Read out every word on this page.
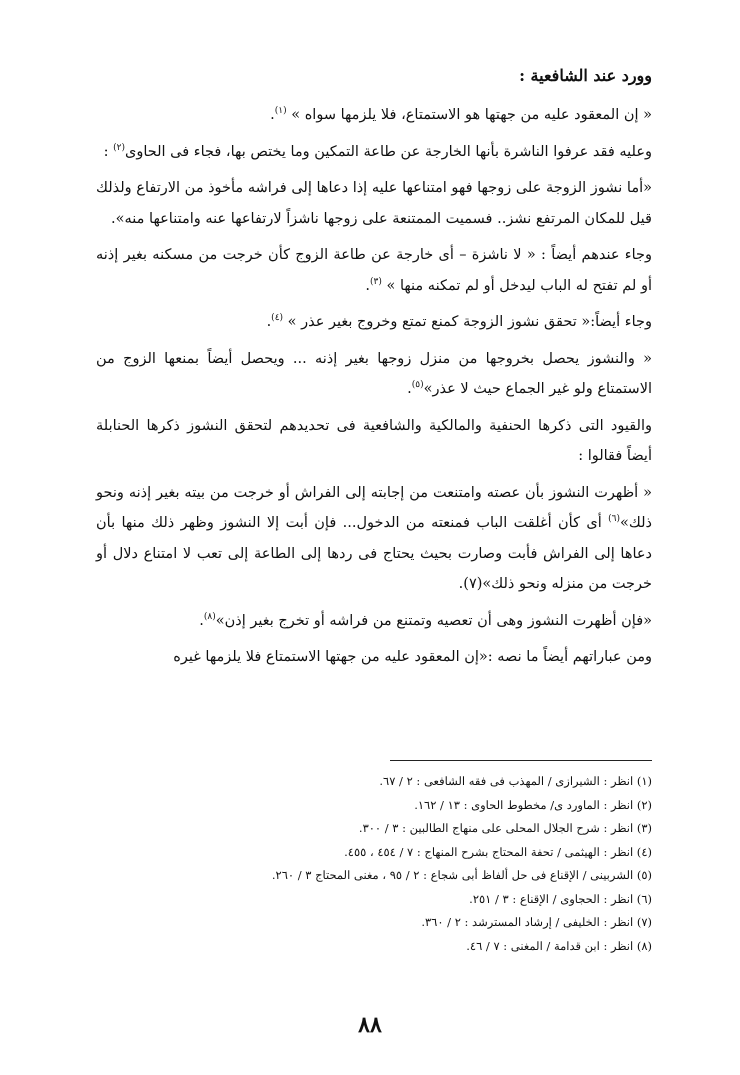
وورد عند الشافعية :

« إن المعقود عليه من جهتها هو الاستمتاع، فلا يلزمها سواه » $^{(١)}$.

وعليه فقد عرفوا الناشرة بأنها الخارجة عن طاعة التمكين وما يختص بها، فجاء فى الحاوى$^{(٢)}$ :

«أما نشوز الزوجة على زوجها فهو امتناعها عليه إذا دعاها إلى فراشه مأخوذ من الارتفاع ولذلك قيل للمكان المرتفع نشز.. فسميت الممتنعة على زوجها ناشزاً لارتفاعها عنه وامتناعها منه».

وجاء عندهم أيضاً : « لا ناشزة – أى خارجة عن طاعة الزوج كأن خرجت من مسكنه بغير إذنه أو لم تفتح له الباب ليدخل أو لم تمكنه منها » $^{(٣)}$.

وجاء أيضاً:« تحقق نشوز الزوجة كمنع تمتع وخروج بغير عذر » $^{(٤)}$.

« والنشوز يحصل بخروجها من منزل زوجها بغير إذنه ... ويحصل أيضاً بمنعها الزوج من الاستمتاع ولو غير الجماع حيث لا عذر»$^{(٥)}$.

والقيود التى ذكرها الحنفية والمالكية والشافعية فى تحديدهم لتحقق النشوز ذكرها الحنابلة أيضاً فقالوا :

« أظهرت النشوز بأن عصته وامتنعت من إجابته إلى الفراش أو خرجت من بيته بغير إذنه ونحو ذلك»$^{(٦)}$ أى كأن أغلقت الباب فمنعته من الدخول... فإن أبت إلا النشوز وظهر ذلك منها بأن دعاها إلى الفراش فأبت وصارت بحيث يحتاج فى ردها إلى الطاعة إلى تعب لا امتناع دلال أو خرجت من منزله ونحو ذلك»(٧).

«فإن أظهرت النشوز وهى أن تعصيه وتمتنع من فراشه أو تخرج بغير إذن»$^{(٨)}$.

ومن عباراتهم أيضاً ما نصه :«إن المعقود عليه من جهتها الاستمتاع فلا يلزمها غيره

(١) انظر : الشيرازى / المهذب فى فقه الشافعى : ٢ / ٦٧.
(٢) انظر : الماورد ى/ مخطوط الحاوى : ١٣ / ١٦٢.
(٣) انظر : شرح الجلال المحلى على منهاج الطالبين : ٣ / ٣٠٠.
(٤) انظر : الهيثمى / تحفة المحتاج بشرح المنهاج : ٧ / ٤٥٤ ، ٤٥٥.
(٥) الشربينى / الإقناع فى حل ألفاظ أبى شجاع : ٢ / ٩٥ ، مغنى المحتاج ٣ / ٢٦٠.
(٦) انظر : الحجاوى / الإقناع : ٣ / ٢٥١.
(٧) انظر : الخليفى / إرشاد المسترشد : ٢ / ٣٦٠.
(٨) انظر : ابن قدامة / المغنى : ٧ / ٤٦.
٨٨
